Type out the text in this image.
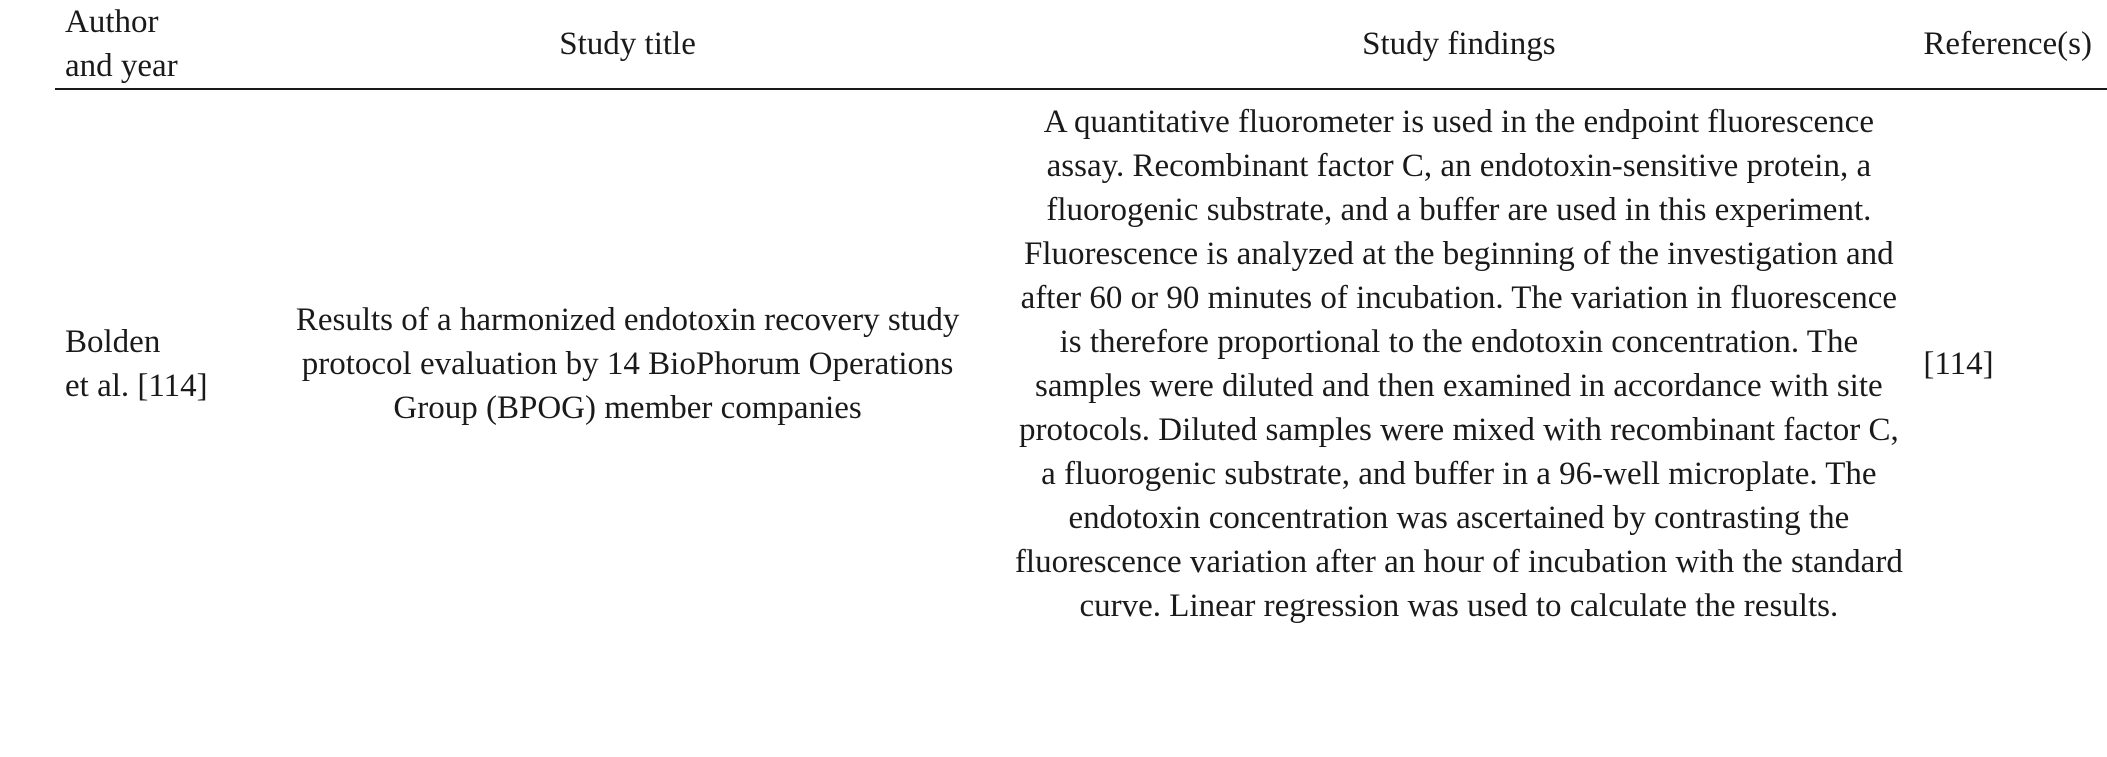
Author
and year	Study title	Study findings	Reference(s)
Bolden
et al. [114]	Results of a harmonized endotoxin recovery study protocol evaluation by 14 BioPhorum Operations Group (BPOG) member companies	A quantitative fluorometer is used in the endpoint fluorescence assay. Recombinant factor C, an endotoxin-sensitive protein, a fluorogenic substrate, and a buffer are used in this experiment. Fluorescence is analyzed at the beginning of the investigation and after 60 or 90 minutes of incubation. The variation in fluorescence is therefore proportional to the endotoxin concentration. The samples were diluted and then examined in accordance with site protocols. Diluted samples were mixed with recombinant factor C, a fluorogenic substrate, and buffer in a 96-well microplate. The endotoxin concentration was ascertained by contrasting the fluorescence variation after an hour of incubation with the standard curve. Linear regression was used to calculate the results.	[114]
